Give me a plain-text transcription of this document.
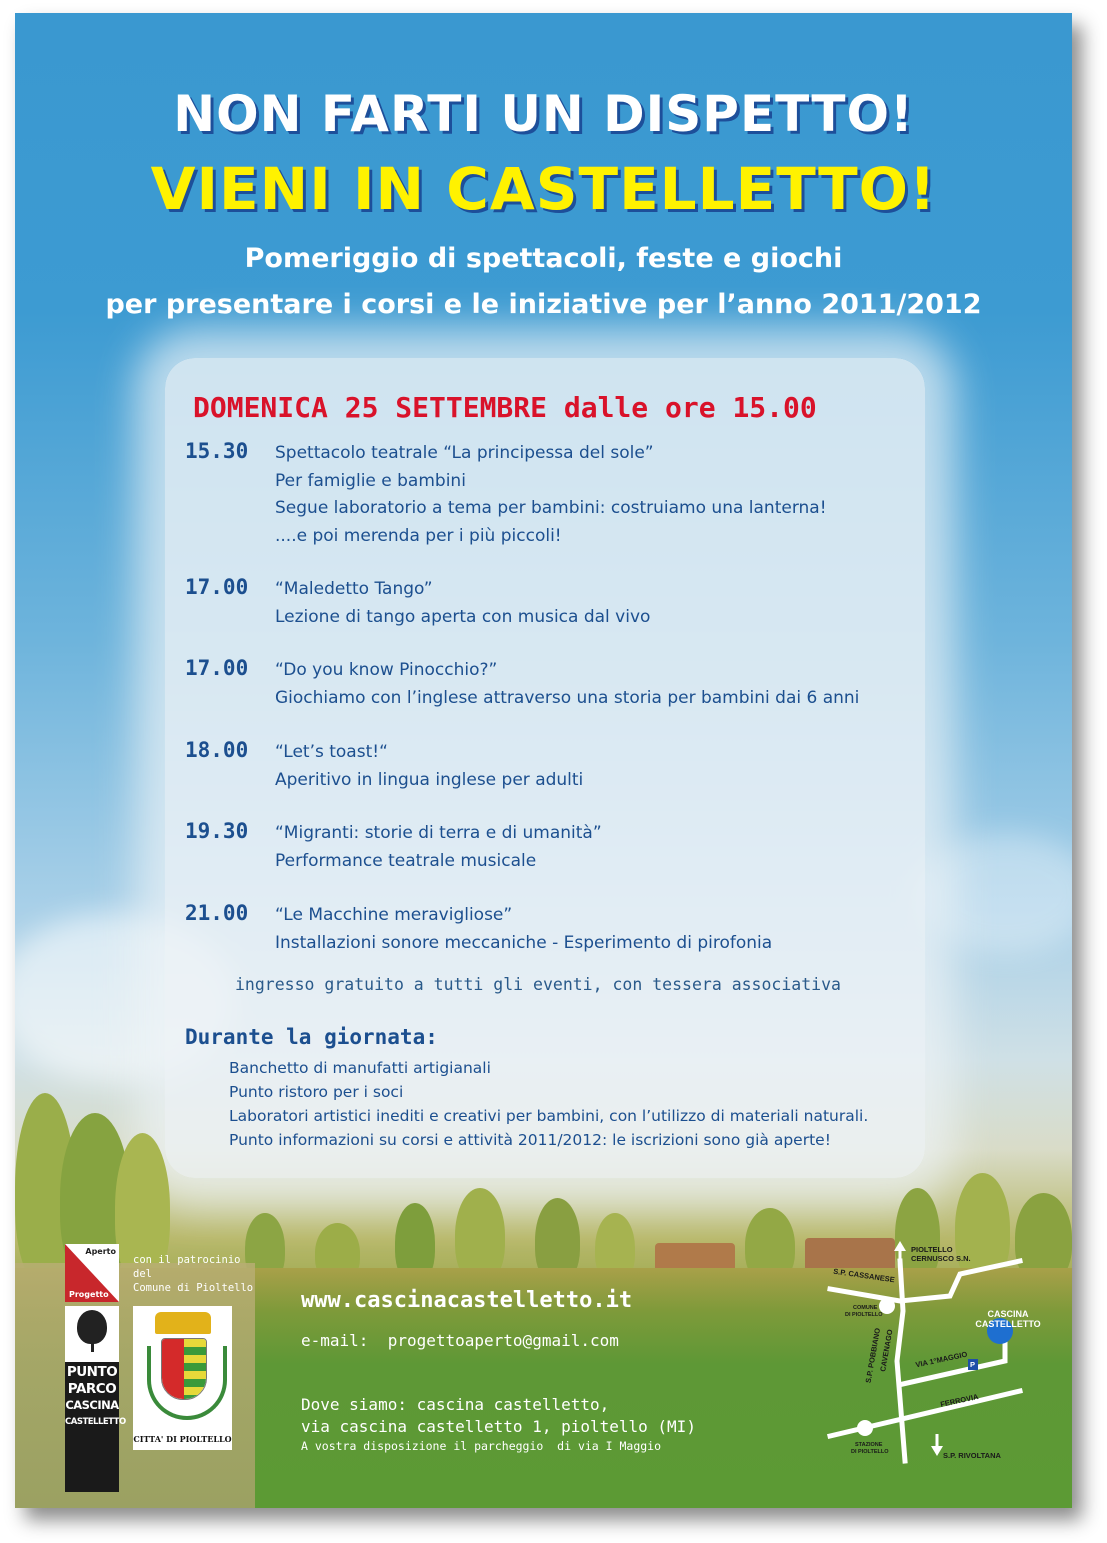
NON FARTI UN DISPETTO!
VIENI IN CASTELLETTO!
Pomeriggio di spettacoli, feste e giochi
per presentare i corsi e le iniziative per l’anno 2011/2012
DOMENICA 25 SETTEMBRE dalle ore 15.00
15.30 Spettacolo teatrale “La principessa del sole”
Per famiglie e bambini
Segue laboratorio a tema per bambini: costruiamo una lanterna!
....e poi merenda per i più piccoli!
17.00 “Maledetto Tango”
Lezione di tango aperta con musica dal vivo
17.00 “Do you know Pinocchio?”
Giochiamo con l’inglese attraverso una storia per bambini dai 6 anni
18.00 “Let’s toast!“
Aperitivo in lingua inglese per adulti
19.30 “Migranti: storie di terra e di umanità”
Performance teatrale musicale
21.00 “Le Macchine meravigliose”
Installazioni sonore meccaniche - Esperimento di pirofonia
ingresso gratuito a tutti gli eventi, con tessera associativa
Durante la giornata:
Banchetto di manufatti artigianali
Punto ristoro per i soci
Laboratori artistici inediti e creativi per bambini, con l’utilizzo di materiali naturali.
Punto informazioni su corsi e attività 2011/2012: le iscrizioni sono già aperte!
Aperto
Progetto
con il patrocinio
del
Comune di Pioltello
PUNTO
PARCO
CASCINA
CASTELLETTO
CITTA' DI PIOLTELLO
www.cascinacastelletto.it
e-mail:  progettoaperto@gmail.com
Dove siamo: cascina castelletto,
via cascina castelletto 1, pioltello (MI)
A vostra disposizione il parcheggio  di via I Maggio
PIOLTELLO
CERNUSCO S.N.
S.P. CASSANESE
COMUNE
DI PIOLTELLO
S.P. POBBIANO
CAVENAGO
CASCINA
CASTELLETTO
VIA 1°MAGGIO P
FERROVIA
STAZIONE
DI PIOLTELLO	S.P. RIVOLTANA
